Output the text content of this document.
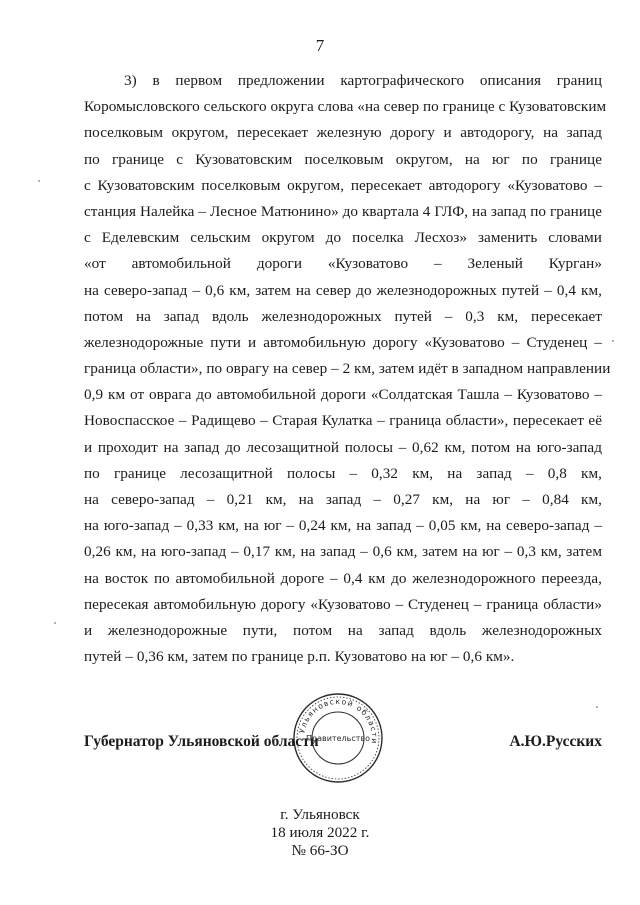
7
3) в первом предложении картографического описания границ
Коромысловского сельского округа слова «на север по границе с Кузоватовским
поселковым округом, пересекает железную дорогу и автодорогу, на запад
по границе с Кузоватовским поселковым округом, на юг по границе
с Кузоватовским поселковым округом, пересекает автодорогу «Кузоватово –
станция Налейка – Лесное Матюнино» до квартала 4 ГЛФ, на запад по границе
с Еделевским сельским округом до поселка Лесхоз» заменить словами
«от автомобильной дороги «Кузоватово – Зеленый Курган»
на северо-запад – 0,6 км, затем на север до железнодорожных путей – 0,4 км,
потом на запад вдоль железнодорожных путей – 0,3 км, пересекает
железнодорожные пути и автомобильную дорогу «Кузоватово – Студенец –
граница области», по оврагу на север – 2 км, затем идёт в западном направлении
0,9 км от оврага до автомобильной дороги «Солдатская Ташла – Кузоватово –
Новоспасское – Радищево – Старая Кулатка – граница области», пересекает её
и проходит на запад до лесозащитной полосы – 0,62 км, потом на юго-запад
по границе лесозащитной полосы – 0,32 км, на запад – 0,8 км,
на северо-запад – 0,21 км, на запад – 0,27 км, на юг – 0,84 км,
на юго-запад – 0,33 км, на юг – 0,24 км, на запад – 0,05 км, на северо-запад –
0,26 км, на юго-запад – 0,17 км, на запад – 0,6 км, затем на юг – 0,3 км, затем
на восток по автомобильной дороге – 0,4 км до железнодорожного переезда,
пересекая автомобильную дорогу «Кузоватово – Студенец – граница области»
и железнодорожные пути, потом на запад вдоль железнодорожных
путей – 0,36 км, затем по границе р.п. Кузоватово на юг – 0,6 км».
Ульяновской области
Правительство
Губернатор Ульяновской области	А.Ю.Русских
г. Ульяновск
18 июля 2022 г.
№ 66-ЗО
